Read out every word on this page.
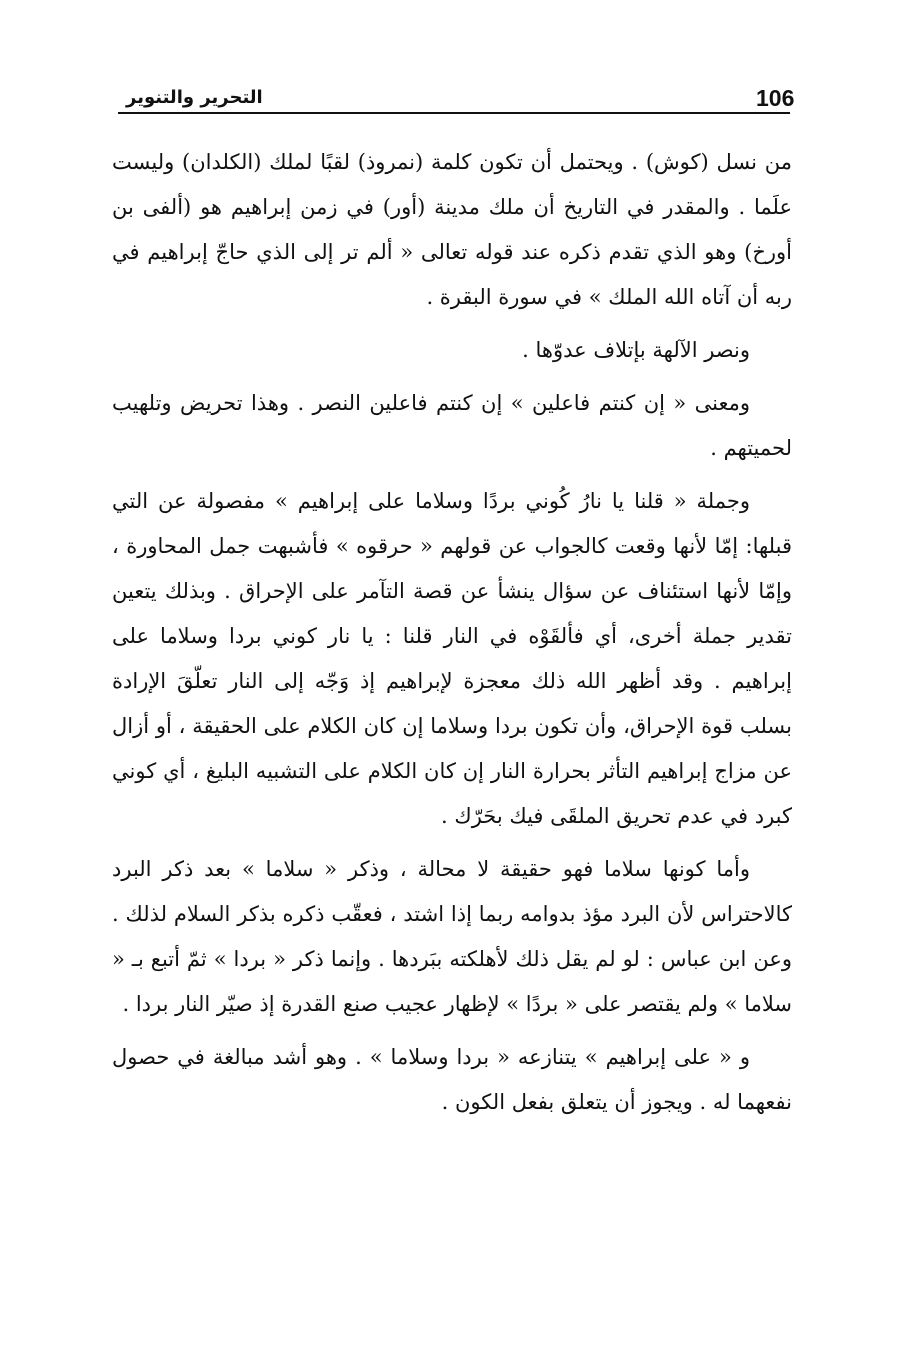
106
التحرير والتنوير

من نسل (كوش) . ويحتمل أن تكون كلمة (نمروذ) لقبًا لملك (الكلدان) وليست علَما . والمقدر في التاريخ أن ملك مدينة (أور) في زمن إبراهيم هو (ألفى بن أورخ) وهو الذي تقدم ذكره عند قوله تعالى « ألم تر إلى الذي حاجّ إبراهيم في ربه أن آتاه الله الملك » في سورة البقرة .

ونصر الآلهة بإتلاف عدوّها .

ومعنى « إن كنتم فاعلين » إن كنتم فاعلين النصر . وهذا تحريض وتلهيب لحميتهم .

وجملة « قلنا يا نارُ كُوني بردًا وسلاما على إبراهيم » مفصولة عن التي قبلها: إمّا لأنها وقعت كالجواب عن قولهم « حرقوه » فأشبهت جمل المحاورة ، وإمّا لأنها استئناف عن سؤال ينشأ عن قصة التآمر على الإحراق . وبذلك يتعين تقدير جملة أخرى، أي فألقَوْه في النار قلنا : يا نار كوني بردا وسلاما على إبراهيم . وقد أظهر الله ذلك معجزة لإبراهيم إذ وَجّه إلى النار تعلّقَ الإرادة بسلب قوة الإحراق، وأن تكون بردا وسلاما إن كان الكلام على الحقيقة ، أو أزال عن مزاج إبراهيم التأثر بحرارة النار إن كان الكلام على التشبيه البليغ ، أي كوني كبرد في عدم تحريق الملقَى فيك بحَرّك .

وأما كونها سلاما فهو حقيقة لا محالة ، وذكر « سلاما » بعد ذكر البرد كالاحتراس لأن البرد مؤذ بدوامه ربما إذا اشتد ، فعقّب ذكره بذكر السلام لذلك . وعن ابن عباس : لو لم يقل ذلك لأهلكته ببَردها . وإنما ذكر « بردا » ثمّ أتبع بـ « سلاما » ولم يقتصر على « بردًا » لإظهار عجيب صنع القدرة إذ صيّر النار بردا .

و « على إبراهيم » يتنازعه « بردا وسلاما » . وهو أشد مبالغة في حصول نفعهما له . ويجوز أن يتعلق بفعل الكون .
